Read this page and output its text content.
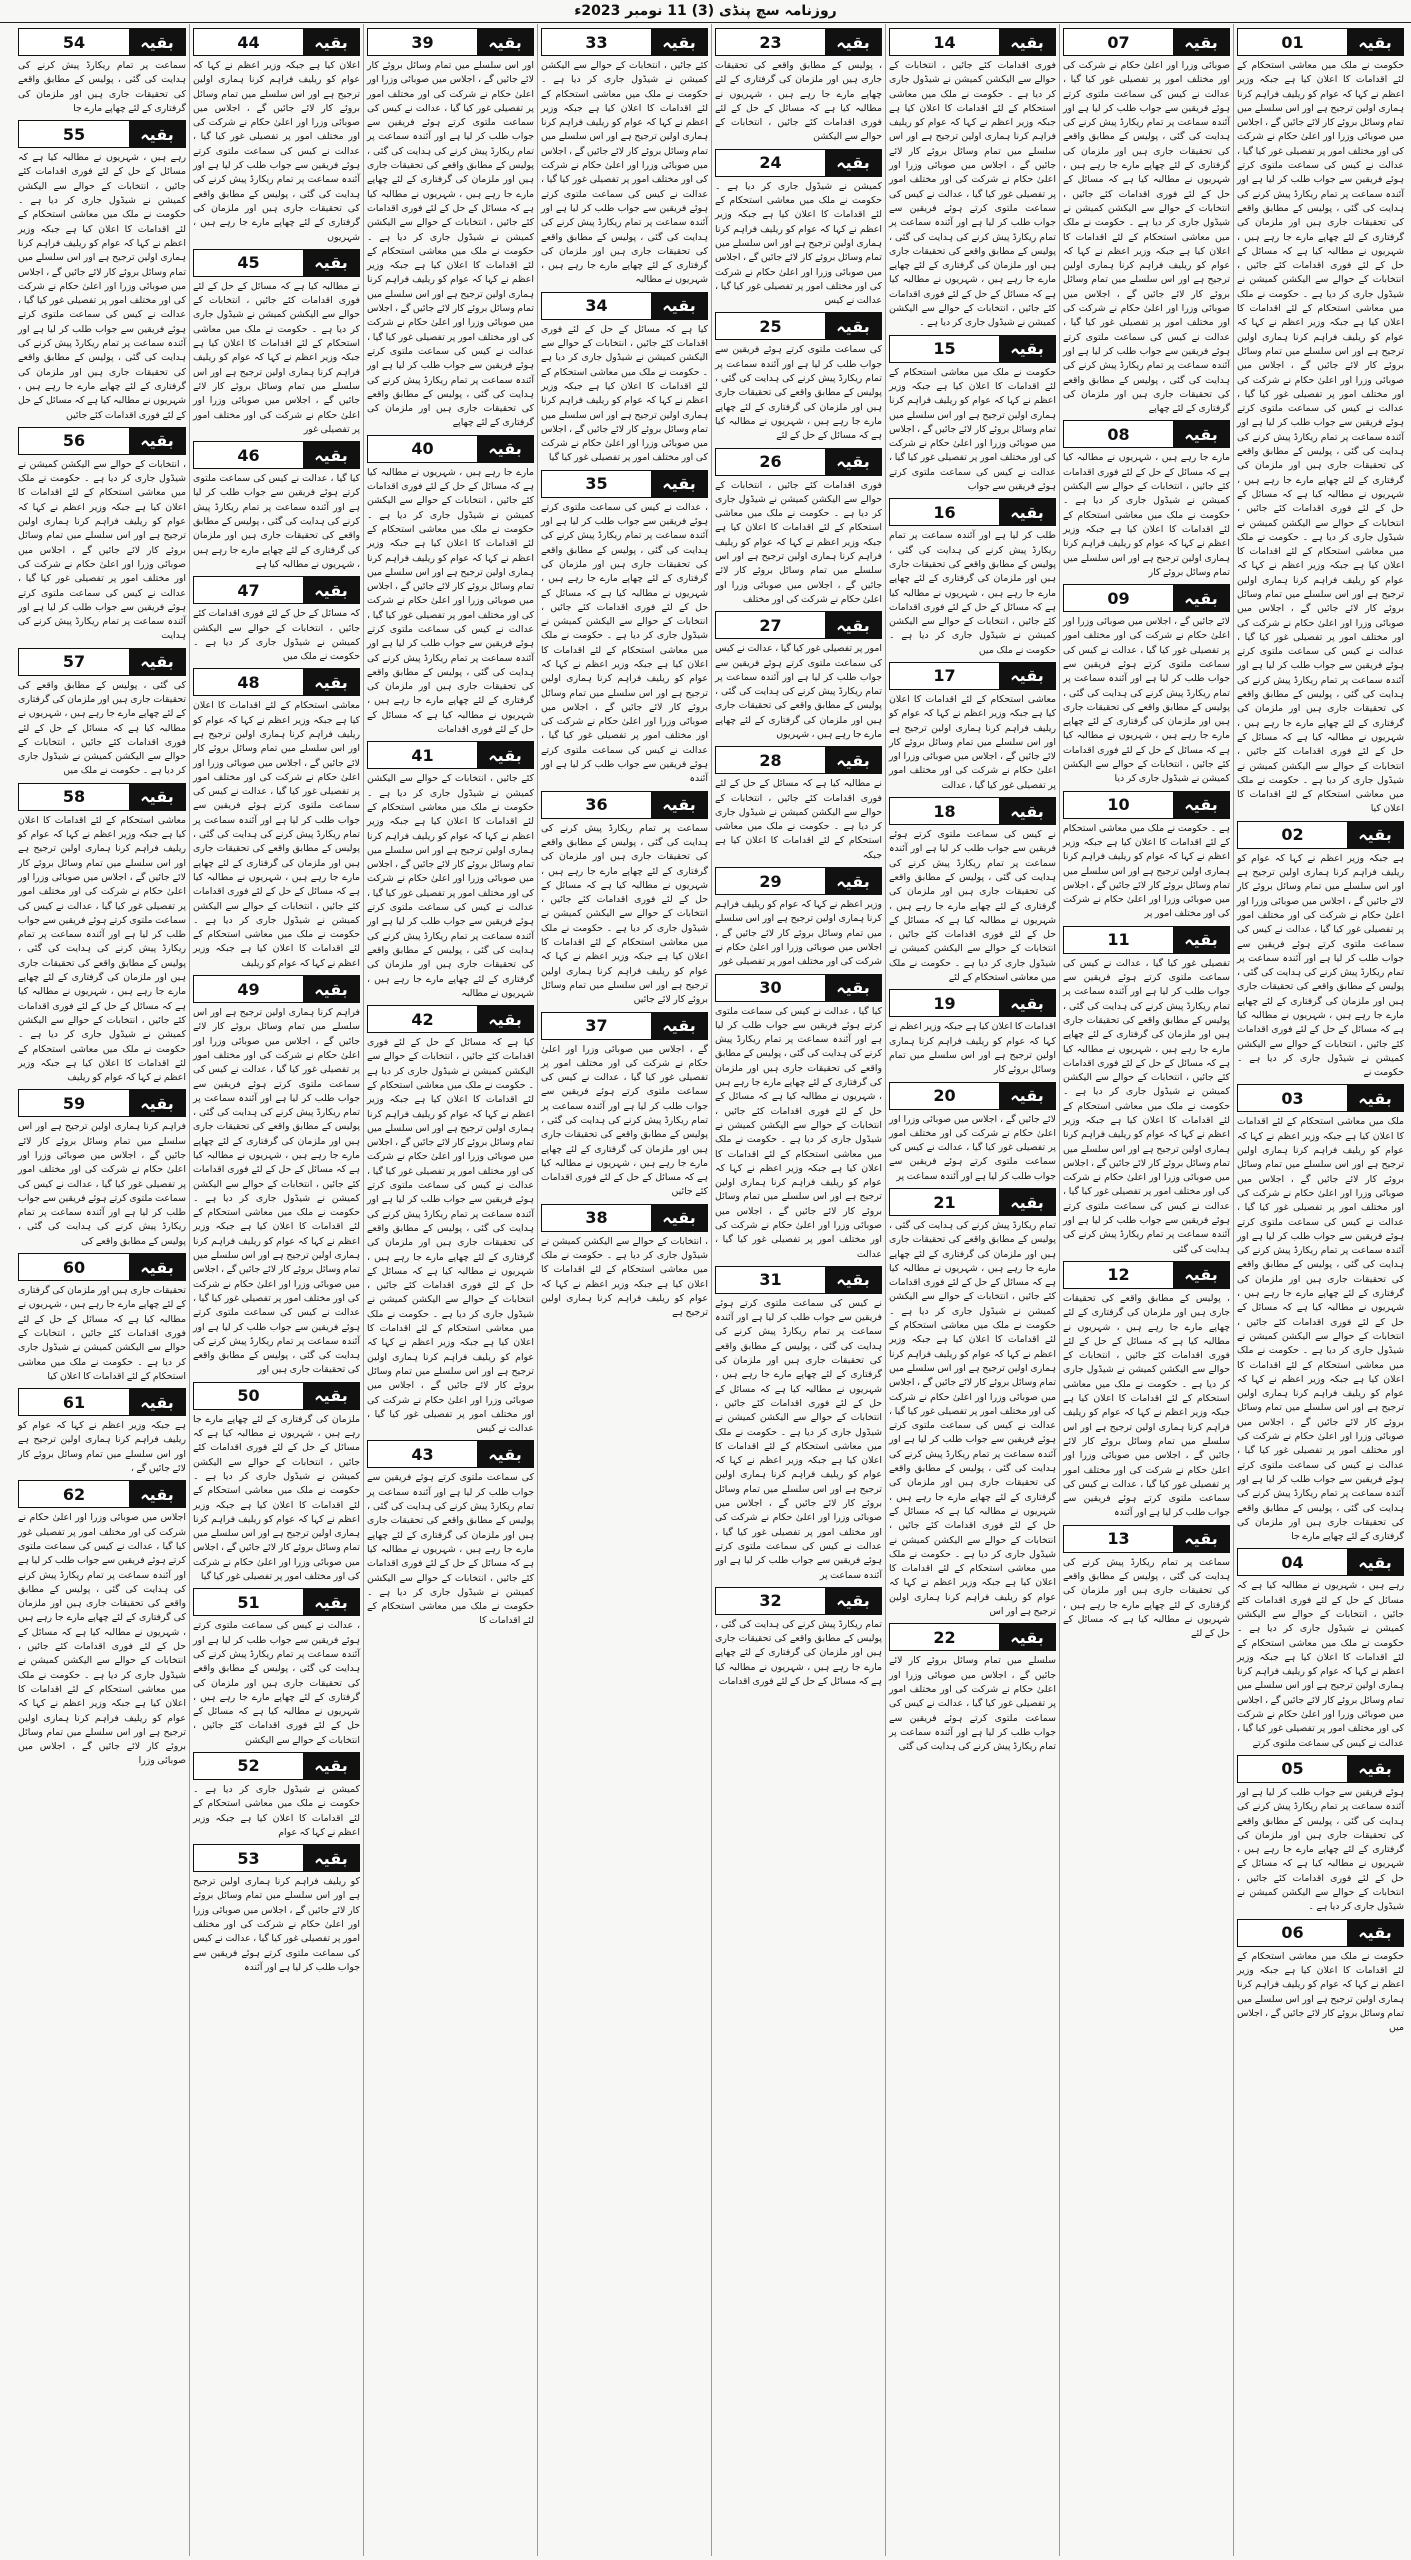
روزنامہ سچ پنڈی (3) 11 نومبر 2023ء
01	بقیہ
حکومت نے ملک میں معاشی استحکام کے لئے اقدامات کا اعلان کیا ہے جبکہ وزیر اعظم نے کہا کہ عوام کو ریلیف فراہم کرنا ہماری اولین ترجیح ہے اور اس سلسلے میں تمام وسائل بروئے کار لائے جائیں گے ، اجلاس میں صوبائی وزرا اور اعلیٰ حکام نے شرکت کی اور مختلف امور پر تفصیلی غور کیا گیا ، عدالت نے کیس کی سماعت ملتوی کرتے ہوئے فریقین سے جواب طلب کر لیا ہے اور آئندہ سماعت پر تمام ریکارڈ پیش کرنے کی ہدایت کی گئی ، پولیس کے مطابق واقعے کی تحقیقات جاری ہیں اور ملزمان کی گرفتاری کے لئے چھاپے مارے جا رہے ہیں ، شہریوں نے مطالبہ کیا ہے کہ مسائل کے حل کے لئے فوری اقدامات کئے جائیں ، انتخابات کے حوالے سے الیکشن کمیشن نے شیڈول جاری کر دیا ہے ۔ حکومت نے ملک میں معاشی استحکام کے لئے اقدامات کا اعلان کیا ہے جبکہ وزیر اعظم نے کہا کہ عوام کو ریلیف فراہم کرنا ہماری اولین ترجیح ہے اور اس سلسلے میں تمام وسائل بروئے کار لائے جائیں گے ، اجلاس میں صوبائی وزرا اور اعلیٰ حکام نے شرکت کی اور مختلف امور پر تفصیلی غور کیا گیا ، عدالت نے کیس کی سماعت ملتوی کرتے ہوئے فریقین سے جواب طلب کر لیا ہے اور آئندہ سماعت پر تمام ریکارڈ پیش کرنے کی ہدایت کی گئی ، پولیس کے مطابق واقعے کی تحقیقات جاری ہیں اور ملزمان کی گرفتاری کے لئے چھاپے مارے جا رہے ہیں ، شہریوں نے مطالبہ کیا ہے کہ مسائل کے حل کے لئے فوری اقدامات کئے جائیں ، انتخابات کے حوالے سے الیکشن کمیشن نے شیڈول جاری کر دیا ہے ۔ حکومت نے ملک میں معاشی استحکام کے لئے اقدامات کا اعلان کیا ہے جبکہ وزیر اعظم نے کہا کہ عوام کو ریلیف فراہم کرنا ہماری اولین ترجیح ہے اور اس سلسلے میں تمام وسائل بروئے کار لائے جائیں گے ، اجلاس میں صوبائی وزرا اور اعلیٰ حکام نے شرکت کی اور مختلف امور پر تفصیلی غور کیا گیا ، عدالت نے کیس کی سماعت ملتوی کرتے ہوئے فریقین سے جواب طلب کر لیا ہے اور آئندہ سماعت پر تمام ریکارڈ پیش کرنے کی ہدایت کی گئی ، پولیس کے مطابق واقعے کی تحقیقات جاری ہیں اور ملزمان کی گرفتاری کے لئے چھاپے مارے جا رہے ہیں ، شہریوں نے مطالبہ کیا ہے کہ مسائل کے حل کے لئے فوری اقدامات کئے جائیں ، انتخابات کے حوالے سے الیکشن کمیشن نے شیڈول جاری کر دیا ہے ۔ حکومت نے ملک میں معاشی استحکام کے لئے اقدامات کا اعلان کیا
02	بقیہ
ہے جبکہ وزیر اعظم نے کہا کہ عوام کو ریلیف فراہم کرنا ہماری اولین ترجیح ہے اور اس سلسلے میں تمام وسائل بروئے کار لائے جائیں گے ، اجلاس میں صوبائی وزرا اور اعلیٰ حکام نے شرکت کی اور مختلف امور پر تفصیلی غور کیا گیا ، عدالت نے کیس کی سماعت ملتوی کرتے ہوئے فریقین سے جواب طلب کر لیا ہے اور آئندہ سماعت پر تمام ریکارڈ پیش کرنے کی ہدایت کی گئی ، پولیس کے مطابق واقعے کی تحقیقات جاری ہیں اور ملزمان کی گرفتاری کے لئے چھاپے مارے جا رہے ہیں ، شہریوں نے مطالبہ کیا ہے کہ مسائل کے حل کے لئے فوری اقدامات کئے جائیں ، انتخابات کے حوالے سے الیکشن کمیشن نے شیڈول جاری کر دیا ہے ۔ حکومت نے
03	بقیہ
ملک میں معاشی استحکام کے لئے اقدامات کا اعلان کیا ہے جبکہ وزیر اعظم نے کہا کہ عوام کو ریلیف فراہم کرنا ہماری اولین ترجیح ہے اور اس سلسلے میں تمام وسائل بروئے کار لائے جائیں گے ، اجلاس میں صوبائی وزرا اور اعلیٰ حکام نے شرکت کی اور مختلف امور پر تفصیلی غور کیا گیا ، عدالت نے کیس کی سماعت ملتوی کرتے ہوئے فریقین سے جواب طلب کر لیا ہے اور آئندہ سماعت پر تمام ریکارڈ پیش کرنے کی ہدایت کی گئی ، پولیس کے مطابق واقعے کی تحقیقات جاری ہیں اور ملزمان کی گرفتاری کے لئے چھاپے مارے جا رہے ہیں ، شہریوں نے مطالبہ کیا ہے کہ مسائل کے حل کے لئے فوری اقدامات کئے جائیں ، انتخابات کے حوالے سے الیکشن کمیشن نے شیڈول جاری کر دیا ہے ۔ حکومت نے ملک میں معاشی استحکام کے لئے اقدامات کا اعلان کیا ہے جبکہ وزیر اعظم نے کہا کہ عوام کو ریلیف فراہم کرنا ہماری اولین ترجیح ہے اور اس سلسلے میں تمام وسائل بروئے کار لائے جائیں گے ، اجلاس میں صوبائی وزرا اور اعلیٰ حکام نے شرکت کی اور مختلف امور پر تفصیلی غور کیا گیا ، عدالت نے کیس کی سماعت ملتوی کرتے ہوئے فریقین سے جواب طلب کر لیا ہے اور آئندہ سماعت پر تمام ریکارڈ پیش کرنے کی ہدایت کی گئی ، پولیس کے مطابق واقعے کی تحقیقات جاری ہیں اور ملزمان کی گرفتاری کے لئے چھاپے مارے جا
04	بقیہ
رہے ہیں ، شہریوں نے مطالبہ کیا ہے کہ مسائل کے حل کے لئے فوری اقدامات کئے جائیں ، انتخابات کے حوالے سے الیکشن کمیشن نے شیڈول جاری کر دیا ہے ۔ حکومت نے ملک میں معاشی استحکام کے لئے اقدامات کا اعلان کیا ہے جبکہ وزیر اعظم نے کہا کہ عوام کو ریلیف فراہم کرنا ہماری اولین ترجیح ہے اور اس سلسلے میں تمام وسائل بروئے کار لائے جائیں گے ، اجلاس میں صوبائی وزرا اور اعلیٰ حکام نے شرکت کی اور مختلف امور پر تفصیلی غور کیا گیا ، عدالت نے کیس کی سماعت ملتوی کرتے
05	بقیہ
ہوئے فریقین سے جواب طلب کر لیا ہے اور آئندہ سماعت پر تمام ریکارڈ پیش کرنے کی ہدایت کی گئی ، پولیس کے مطابق واقعے کی تحقیقات جاری ہیں اور ملزمان کی گرفتاری کے لئے چھاپے مارے جا رہے ہیں ، شہریوں نے مطالبہ کیا ہے کہ مسائل کے حل کے لئے فوری اقدامات کئے جائیں ، انتخابات کے حوالے سے الیکشن کمیشن نے شیڈول جاری کر دیا ہے ۔
06	بقیہ
حکومت نے ملک میں معاشی استحکام کے لئے اقدامات کا اعلان کیا ہے جبکہ وزیر اعظم نے کہا کہ عوام کو ریلیف فراہم کرنا ہماری اولین ترجیح ہے اور اس سلسلے میں تمام وسائل بروئے کار لائے جائیں گے ، اجلاس میں
07	بقیہ
صوبائی وزرا اور اعلیٰ حکام نے شرکت کی اور مختلف امور پر تفصیلی غور کیا گیا ، عدالت نے کیس کی سماعت ملتوی کرتے ہوئے فریقین سے جواب طلب کر لیا ہے اور آئندہ سماعت پر تمام ریکارڈ پیش کرنے کی ہدایت کی گئی ، پولیس کے مطابق واقعے کی تحقیقات جاری ہیں اور ملزمان کی گرفتاری کے لئے چھاپے مارے جا رہے ہیں ، شہریوں نے مطالبہ کیا ہے کہ مسائل کے حل کے لئے فوری اقدامات کئے جائیں ، انتخابات کے حوالے سے الیکشن کمیشن نے شیڈول جاری کر دیا ہے ۔ حکومت نے ملک میں معاشی استحکام کے لئے اقدامات کا اعلان کیا ہے جبکہ وزیر اعظم نے کہا کہ عوام کو ریلیف فراہم کرنا ہماری اولین ترجیح ہے اور اس سلسلے میں تمام وسائل بروئے کار لائے جائیں گے ، اجلاس میں صوبائی وزرا اور اعلیٰ حکام نے شرکت کی اور مختلف امور پر تفصیلی غور کیا گیا ، عدالت نے کیس کی سماعت ملتوی کرتے ہوئے فریقین سے جواب طلب کر لیا ہے اور آئندہ سماعت پر تمام ریکارڈ پیش کرنے کی ہدایت کی گئی ، پولیس کے مطابق واقعے کی تحقیقات جاری ہیں اور ملزمان کی گرفتاری کے لئے چھاپے
08	بقیہ
مارے جا رہے ہیں ، شہریوں نے مطالبہ کیا ہے کہ مسائل کے حل کے لئے فوری اقدامات کئے جائیں ، انتخابات کے حوالے سے الیکشن کمیشن نے شیڈول جاری کر دیا ہے ۔ حکومت نے ملک میں معاشی استحکام کے لئے اقدامات کا اعلان کیا ہے جبکہ وزیر اعظم نے کہا کہ عوام کو ریلیف فراہم کرنا ہماری اولین ترجیح ہے اور اس سلسلے میں تمام وسائل بروئے کار
09	بقیہ
لائے جائیں گے ، اجلاس میں صوبائی وزرا اور اعلیٰ حکام نے شرکت کی اور مختلف امور پر تفصیلی غور کیا گیا ، عدالت نے کیس کی سماعت ملتوی کرتے ہوئے فریقین سے جواب طلب کر لیا ہے اور آئندہ سماعت پر تمام ریکارڈ پیش کرنے کی ہدایت کی گئی ، پولیس کے مطابق واقعے کی تحقیقات جاری ہیں اور ملزمان کی گرفتاری کے لئے چھاپے مارے جا رہے ہیں ، شہریوں نے مطالبہ کیا ہے کہ مسائل کے حل کے لئے فوری اقدامات کئے جائیں ، انتخابات کے حوالے سے الیکشن کمیشن نے شیڈول جاری کر دیا
10	بقیہ
ہے ۔ حکومت نے ملک میں معاشی استحکام کے لئے اقدامات کا اعلان کیا ہے جبکہ وزیر اعظم نے کہا کہ عوام کو ریلیف فراہم کرنا ہماری اولین ترجیح ہے اور اس سلسلے میں تمام وسائل بروئے کار لائے جائیں گے ، اجلاس میں صوبائی وزرا اور اعلیٰ حکام نے شرکت کی اور مختلف امور پر
11	بقیہ
تفصیلی غور کیا گیا ، عدالت نے کیس کی سماعت ملتوی کرتے ہوئے فریقین سے جواب طلب کر لیا ہے اور آئندہ سماعت پر تمام ریکارڈ پیش کرنے کی ہدایت کی گئی ، پولیس کے مطابق واقعے کی تحقیقات جاری ہیں اور ملزمان کی گرفتاری کے لئے چھاپے مارے جا رہے ہیں ، شہریوں نے مطالبہ کیا ہے کہ مسائل کے حل کے لئے فوری اقدامات کئے جائیں ، انتخابات کے حوالے سے الیکشن کمیشن نے شیڈول جاری کر دیا ہے ۔ حکومت نے ملک میں معاشی استحکام کے لئے اقدامات کا اعلان کیا ہے جبکہ وزیر اعظم نے کہا کہ عوام کو ریلیف فراہم کرنا ہماری اولین ترجیح ہے اور اس سلسلے میں تمام وسائل بروئے کار لائے جائیں گے ، اجلاس میں صوبائی وزرا اور اعلیٰ حکام نے شرکت کی اور مختلف امور پر تفصیلی غور کیا گیا ، عدالت نے کیس کی سماعت ملتوی کرتے ہوئے فریقین سے جواب طلب کر لیا ہے اور آئندہ سماعت پر تمام ریکارڈ پیش کرنے کی ہدایت کی گئی
12	بقیہ
، پولیس کے مطابق واقعے کی تحقیقات جاری ہیں اور ملزمان کی گرفتاری کے لئے چھاپے مارے جا رہے ہیں ، شہریوں نے مطالبہ کیا ہے کہ مسائل کے حل کے لئے فوری اقدامات کئے جائیں ، انتخابات کے حوالے سے الیکشن کمیشن نے شیڈول جاری کر دیا ہے ۔ حکومت نے ملک میں معاشی استحکام کے لئے اقدامات کا اعلان کیا ہے جبکہ وزیر اعظم نے کہا کہ عوام کو ریلیف فراہم کرنا ہماری اولین ترجیح ہے اور اس سلسلے میں تمام وسائل بروئے کار لائے جائیں گے ، اجلاس میں صوبائی وزرا اور اعلیٰ حکام نے شرکت کی اور مختلف امور پر تفصیلی غور کیا گیا ، عدالت نے کیس کی سماعت ملتوی کرتے ہوئے فریقین سے جواب طلب کر لیا ہے اور آئندہ
13	بقیہ
سماعت پر تمام ریکارڈ پیش کرنے کی ہدایت کی گئی ، پولیس کے مطابق واقعے کی تحقیقات جاری ہیں اور ملزمان کی گرفتاری کے لئے چھاپے مارے جا رہے ہیں ، شہریوں نے مطالبہ کیا ہے کہ مسائل کے حل کے لئے
14	بقیہ
فوری اقدامات کئے جائیں ، انتخابات کے حوالے سے الیکشن کمیشن نے شیڈول جاری کر دیا ہے ۔ حکومت نے ملک میں معاشی استحکام کے لئے اقدامات کا اعلان کیا ہے جبکہ وزیر اعظم نے کہا کہ عوام کو ریلیف فراہم کرنا ہماری اولین ترجیح ہے اور اس سلسلے میں تمام وسائل بروئے کار لائے جائیں گے ، اجلاس میں صوبائی وزرا اور اعلیٰ حکام نے شرکت کی اور مختلف امور پر تفصیلی غور کیا گیا ، عدالت نے کیس کی سماعت ملتوی کرتے ہوئے فریقین سے جواب طلب کر لیا ہے اور آئندہ سماعت پر تمام ریکارڈ پیش کرنے کی ہدایت کی گئی ، پولیس کے مطابق واقعے کی تحقیقات جاری ہیں اور ملزمان کی گرفتاری کے لئے چھاپے مارے جا رہے ہیں ، شہریوں نے مطالبہ کیا ہے کہ مسائل کے حل کے لئے فوری اقدامات کئے جائیں ، انتخابات کے حوالے سے الیکشن کمیشن نے شیڈول جاری کر دیا ہے ۔
15	بقیہ
حکومت نے ملک میں معاشی استحکام کے لئے اقدامات کا اعلان کیا ہے جبکہ وزیر اعظم نے کہا کہ عوام کو ریلیف فراہم کرنا ہماری اولین ترجیح ہے اور اس سلسلے میں تمام وسائل بروئے کار لائے جائیں گے ، اجلاس میں صوبائی وزرا اور اعلیٰ حکام نے شرکت کی اور مختلف امور پر تفصیلی غور کیا گیا ، عدالت نے کیس کی سماعت ملتوی کرتے ہوئے فریقین سے جواب
16	بقیہ
طلب کر لیا ہے اور آئندہ سماعت پر تمام ریکارڈ پیش کرنے کی ہدایت کی گئی ، پولیس کے مطابق واقعے کی تحقیقات جاری ہیں اور ملزمان کی گرفتاری کے لئے چھاپے مارے جا رہے ہیں ، شہریوں نے مطالبہ کیا ہے کہ مسائل کے حل کے لئے فوری اقدامات کئے جائیں ، انتخابات کے حوالے سے الیکشن کمیشن نے شیڈول جاری کر دیا ہے ۔ حکومت نے ملک میں
17	بقیہ
معاشی استحکام کے لئے اقدامات کا اعلان کیا ہے جبکہ وزیر اعظم نے کہا کہ عوام کو ریلیف فراہم کرنا ہماری اولین ترجیح ہے اور اس سلسلے میں تمام وسائل بروئے کار لائے جائیں گے ، اجلاس میں صوبائی وزرا اور اعلیٰ حکام نے شرکت کی اور مختلف امور پر تفصیلی غور کیا گیا ، عدالت
18	بقیہ
نے کیس کی سماعت ملتوی کرتے ہوئے فریقین سے جواب طلب کر لیا ہے اور آئندہ سماعت پر تمام ریکارڈ پیش کرنے کی ہدایت کی گئی ، پولیس کے مطابق واقعے کی تحقیقات جاری ہیں اور ملزمان کی گرفتاری کے لئے چھاپے مارے جا رہے ہیں ، شہریوں نے مطالبہ کیا ہے کہ مسائل کے حل کے لئے فوری اقدامات کئے جائیں ، انتخابات کے حوالے سے الیکشن کمیشن نے شیڈول جاری کر دیا ہے ۔ حکومت نے ملک میں معاشی استحکام کے لئے
19	بقیہ
اقدامات کا اعلان کیا ہے جبکہ وزیر اعظم نے کہا کہ عوام کو ریلیف فراہم کرنا ہماری اولین ترجیح ہے اور اس سلسلے میں تمام وسائل بروئے کار
20	بقیہ
لائے جائیں گے ، اجلاس میں صوبائی وزرا اور اعلیٰ حکام نے شرکت کی اور مختلف امور پر تفصیلی غور کیا گیا ، عدالت نے کیس کی سماعت ملتوی کرتے ہوئے فریقین سے جواب طلب کر لیا ہے اور آئندہ سماعت پر
21	بقیہ
تمام ریکارڈ پیش کرنے کی ہدایت کی گئی ، پولیس کے مطابق واقعے کی تحقیقات جاری ہیں اور ملزمان کی گرفتاری کے لئے چھاپے مارے جا رہے ہیں ، شہریوں نے مطالبہ کیا ہے کہ مسائل کے حل کے لئے فوری اقدامات کئے جائیں ، انتخابات کے حوالے سے الیکشن کمیشن نے شیڈول جاری کر دیا ہے ۔ حکومت نے ملک میں معاشی استحکام کے لئے اقدامات کا اعلان کیا ہے جبکہ وزیر اعظم نے کہا کہ عوام کو ریلیف فراہم کرنا ہماری اولین ترجیح ہے اور اس سلسلے میں تمام وسائل بروئے کار لائے جائیں گے ، اجلاس میں صوبائی وزرا اور اعلیٰ حکام نے شرکت کی اور مختلف امور پر تفصیلی غور کیا گیا ، عدالت نے کیس کی سماعت ملتوی کرتے ہوئے فریقین سے جواب طلب کر لیا ہے اور آئندہ سماعت پر تمام ریکارڈ پیش کرنے کی ہدایت کی گئی ، پولیس کے مطابق واقعے کی تحقیقات جاری ہیں اور ملزمان کی گرفتاری کے لئے چھاپے مارے جا رہے ہیں ، شہریوں نے مطالبہ کیا ہے کہ مسائل کے حل کے لئے فوری اقدامات کئے جائیں ، انتخابات کے حوالے سے الیکشن کمیشن نے شیڈول جاری کر دیا ہے ۔ حکومت نے ملک میں معاشی استحکام کے لئے اقدامات کا اعلان کیا ہے جبکہ وزیر اعظم نے کہا کہ عوام کو ریلیف فراہم کرنا ہماری اولین ترجیح ہے اور اس
22	بقیہ
سلسلے میں تمام وسائل بروئے کار لائے جائیں گے ، اجلاس میں صوبائی وزرا اور اعلیٰ حکام نے شرکت کی اور مختلف امور پر تفصیلی غور کیا گیا ، عدالت نے کیس کی سماعت ملتوی کرتے ہوئے فریقین سے جواب طلب کر لیا ہے اور آئندہ سماعت پر تمام ریکارڈ پیش کرنے کی ہدایت کی گئی
23	بقیہ
، پولیس کے مطابق واقعے کی تحقیقات جاری ہیں اور ملزمان کی گرفتاری کے لئے چھاپے مارے جا رہے ہیں ، شہریوں نے مطالبہ کیا ہے کہ مسائل کے حل کے لئے فوری اقدامات کئے جائیں ، انتخابات کے حوالے سے الیکشن
24	بقیہ
کمیشن نے شیڈول جاری کر دیا ہے ۔ حکومت نے ملک میں معاشی استحکام کے لئے اقدامات کا اعلان کیا ہے جبکہ وزیر اعظم نے کہا کہ عوام کو ریلیف فراہم کرنا ہماری اولین ترجیح ہے اور اس سلسلے میں تمام وسائل بروئے کار لائے جائیں گے ، اجلاس میں صوبائی وزرا اور اعلیٰ حکام نے شرکت کی اور مختلف امور پر تفصیلی غور کیا گیا ، عدالت نے کیس
25	بقیہ
کی سماعت ملتوی کرتے ہوئے فریقین سے جواب طلب کر لیا ہے اور آئندہ سماعت پر تمام ریکارڈ پیش کرنے کی ہدایت کی گئی ، پولیس کے مطابق واقعے کی تحقیقات جاری ہیں اور ملزمان کی گرفتاری کے لئے چھاپے مارے جا رہے ہیں ، شہریوں نے مطالبہ کیا ہے کہ مسائل کے حل کے لئے
26	بقیہ
فوری اقدامات کئے جائیں ، انتخابات کے حوالے سے الیکشن کمیشن نے شیڈول جاری کر دیا ہے ۔ حکومت نے ملک میں معاشی استحکام کے لئے اقدامات کا اعلان کیا ہے جبکہ وزیر اعظم نے کہا کہ عوام کو ریلیف فراہم کرنا ہماری اولین ترجیح ہے اور اس سلسلے میں تمام وسائل بروئے کار لائے جائیں گے ، اجلاس میں صوبائی وزرا اور اعلیٰ حکام نے شرکت کی اور مختلف
27	بقیہ
امور پر تفصیلی غور کیا گیا ، عدالت نے کیس کی سماعت ملتوی کرتے ہوئے فریقین سے جواب طلب کر لیا ہے اور آئندہ سماعت پر تمام ریکارڈ پیش کرنے کی ہدایت کی گئی ، پولیس کے مطابق واقعے کی تحقیقات جاری ہیں اور ملزمان کی گرفتاری کے لئے چھاپے مارے جا رہے ہیں ، شہریوں
28	بقیہ
نے مطالبہ کیا ہے کہ مسائل کے حل کے لئے فوری اقدامات کئے جائیں ، انتخابات کے حوالے سے الیکشن کمیشن نے شیڈول جاری کر دیا ہے ۔ حکومت نے ملک میں معاشی استحکام کے لئے اقدامات کا اعلان کیا ہے جبکہ
29	بقیہ
وزیر اعظم نے کہا کہ عوام کو ریلیف فراہم کرنا ہماری اولین ترجیح ہے اور اس سلسلے میں تمام وسائل بروئے کار لائے جائیں گے ، اجلاس میں صوبائی وزرا اور اعلیٰ حکام نے شرکت کی اور مختلف امور پر تفصیلی غور
30	بقیہ
کیا گیا ، عدالت نے کیس کی سماعت ملتوی کرتے ہوئے فریقین سے جواب طلب کر لیا ہے اور آئندہ سماعت پر تمام ریکارڈ پیش کرنے کی ہدایت کی گئی ، پولیس کے مطابق واقعے کی تحقیقات جاری ہیں اور ملزمان کی گرفتاری کے لئے چھاپے مارے جا رہے ہیں ، شہریوں نے مطالبہ کیا ہے کہ مسائل کے حل کے لئے فوری اقدامات کئے جائیں ، انتخابات کے حوالے سے الیکشن کمیشن نے شیڈول جاری کر دیا ہے ۔ حکومت نے ملک میں معاشی استحکام کے لئے اقدامات کا اعلان کیا ہے جبکہ وزیر اعظم نے کہا کہ عوام کو ریلیف فراہم کرنا ہماری اولین ترجیح ہے اور اس سلسلے میں تمام وسائل بروئے کار لائے جائیں گے ، اجلاس میں صوبائی وزرا اور اعلیٰ حکام نے شرکت کی اور مختلف امور پر تفصیلی غور کیا گیا ، عدالت
31	بقیہ
نے کیس کی سماعت ملتوی کرتے ہوئے فریقین سے جواب طلب کر لیا ہے اور آئندہ سماعت پر تمام ریکارڈ پیش کرنے کی ہدایت کی گئی ، پولیس کے مطابق واقعے کی تحقیقات جاری ہیں اور ملزمان کی گرفتاری کے لئے چھاپے مارے جا رہے ہیں ، شہریوں نے مطالبہ کیا ہے کہ مسائل کے حل کے لئے فوری اقدامات کئے جائیں ، انتخابات کے حوالے سے الیکشن کمیشن نے شیڈول جاری کر دیا ہے ۔ حکومت نے ملک میں معاشی استحکام کے لئے اقدامات کا اعلان کیا ہے جبکہ وزیر اعظم نے کہا کہ عوام کو ریلیف فراہم کرنا ہماری اولین ترجیح ہے اور اس سلسلے میں تمام وسائل بروئے کار لائے جائیں گے ، اجلاس میں صوبائی وزرا اور اعلیٰ حکام نے شرکت کی اور مختلف امور پر تفصیلی غور کیا گیا ، عدالت نے کیس کی سماعت ملتوی کرتے ہوئے فریقین سے جواب طلب کر لیا ہے اور آئندہ سماعت پر
32	بقیہ
تمام ریکارڈ پیش کرنے کی ہدایت کی گئی ، پولیس کے مطابق واقعے کی تحقیقات جاری ہیں اور ملزمان کی گرفتاری کے لئے چھاپے مارے جا رہے ہیں ، شہریوں نے مطالبہ کیا ہے کہ مسائل کے حل کے لئے فوری اقدامات
33	بقیہ
کئے جائیں ، انتخابات کے حوالے سے الیکشن کمیشن نے شیڈول جاری کر دیا ہے ۔ حکومت نے ملک میں معاشی استحکام کے لئے اقدامات کا اعلان کیا ہے جبکہ وزیر اعظم نے کہا کہ عوام کو ریلیف فراہم کرنا ہماری اولین ترجیح ہے اور اس سلسلے میں تمام وسائل بروئے کار لائے جائیں گے ، اجلاس میں صوبائی وزرا اور اعلیٰ حکام نے شرکت کی اور مختلف امور پر تفصیلی غور کیا گیا ، عدالت نے کیس کی سماعت ملتوی کرتے ہوئے فریقین سے جواب طلب کر لیا ہے اور آئندہ سماعت پر تمام ریکارڈ پیش کرنے کی ہدایت کی گئی ، پولیس کے مطابق واقعے کی تحقیقات جاری ہیں اور ملزمان کی گرفتاری کے لئے چھاپے مارے جا رہے ہیں ، شہریوں نے مطالبہ
34	بقیہ
کیا ہے کہ مسائل کے حل کے لئے فوری اقدامات کئے جائیں ، انتخابات کے حوالے سے الیکشن کمیشن نے شیڈول جاری کر دیا ہے ۔ حکومت نے ملک میں معاشی استحکام کے لئے اقدامات کا اعلان کیا ہے جبکہ وزیر اعظم نے کہا کہ عوام کو ریلیف فراہم کرنا ہماری اولین ترجیح ہے اور اس سلسلے میں تمام وسائل بروئے کار لائے جائیں گے ، اجلاس میں صوبائی وزرا اور اعلیٰ حکام نے شرکت کی اور مختلف امور پر تفصیلی غور کیا گیا
35	بقیہ
، عدالت نے کیس کی سماعت ملتوی کرتے ہوئے فریقین سے جواب طلب کر لیا ہے اور آئندہ سماعت پر تمام ریکارڈ پیش کرنے کی ہدایت کی گئی ، پولیس کے مطابق واقعے کی تحقیقات جاری ہیں اور ملزمان کی گرفتاری کے لئے چھاپے مارے جا رہے ہیں ، شہریوں نے مطالبہ کیا ہے کہ مسائل کے حل کے لئے فوری اقدامات کئے جائیں ، انتخابات کے حوالے سے الیکشن کمیشن نے شیڈول جاری کر دیا ہے ۔ حکومت نے ملک میں معاشی استحکام کے لئے اقدامات کا اعلان کیا ہے جبکہ وزیر اعظم نے کہا کہ عوام کو ریلیف فراہم کرنا ہماری اولین ترجیح ہے اور اس سلسلے میں تمام وسائل بروئے کار لائے جائیں گے ، اجلاس میں صوبائی وزرا اور اعلیٰ حکام نے شرکت کی اور مختلف امور پر تفصیلی غور کیا گیا ، عدالت نے کیس کی سماعت ملتوی کرتے ہوئے فریقین سے جواب طلب کر لیا ہے اور آئندہ
36	بقیہ
سماعت پر تمام ریکارڈ پیش کرنے کی ہدایت کی گئی ، پولیس کے مطابق واقعے کی تحقیقات جاری ہیں اور ملزمان کی گرفتاری کے لئے چھاپے مارے جا رہے ہیں ، شہریوں نے مطالبہ کیا ہے کہ مسائل کے حل کے لئے فوری اقدامات کئے جائیں ، انتخابات کے حوالے سے الیکشن کمیشن نے شیڈول جاری کر دیا ہے ۔ حکومت نے ملک میں معاشی استحکام کے لئے اقدامات کا اعلان کیا ہے جبکہ وزیر اعظم نے کہا کہ عوام کو ریلیف فراہم کرنا ہماری اولین ترجیح ہے اور اس سلسلے میں تمام وسائل بروئے کار لائے جائیں
37	بقیہ
گے ، اجلاس میں صوبائی وزرا اور اعلیٰ حکام نے شرکت کی اور مختلف امور پر تفصیلی غور کیا گیا ، عدالت نے کیس کی سماعت ملتوی کرتے ہوئے فریقین سے جواب طلب کر لیا ہے اور آئندہ سماعت پر تمام ریکارڈ پیش کرنے کی ہدایت کی گئی ، پولیس کے مطابق واقعے کی تحقیقات جاری ہیں اور ملزمان کی گرفتاری کے لئے چھاپے مارے جا رہے ہیں ، شہریوں نے مطالبہ کیا ہے کہ مسائل کے حل کے لئے فوری اقدامات کئے جائیں
38	بقیہ
، انتخابات کے حوالے سے الیکشن کمیشن نے شیڈول جاری کر دیا ہے ۔ حکومت نے ملک میں معاشی استحکام کے لئے اقدامات کا اعلان کیا ہے جبکہ وزیر اعظم نے کہا کہ عوام کو ریلیف فراہم کرنا ہماری اولین ترجیح ہے
39	بقیہ
اور اس سلسلے میں تمام وسائل بروئے کار لائے جائیں گے ، اجلاس میں صوبائی وزرا اور اعلیٰ حکام نے شرکت کی اور مختلف امور پر تفصیلی غور کیا گیا ، عدالت نے کیس کی سماعت ملتوی کرتے ہوئے فریقین سے جواب طلب کر لیا ہے اور آئندہ سماعت پر تمام ریکارڈ پیش کرنے کی ہدایت کی گئی ، پولیس کے مطابق واقعے کی تحقیقات جاری ہیں اور ملزمان کی گرفتاری کے لئے چھاپے مارے جا رہے ہیں ، شہریوں نے مطالبہ کیا ہے کہ مسائل کے حل کے لئے فوری اقدامات کئے جائیں ، انتخابات کے حوالے سے الیکشن کمیشن نے شیڈول جاری کر دیا ہے ۔ حکومت نے ملک میں معاشی استحکام کے لئے اقدامات کا اعلان کیا ہے جبکہ وزیر اعظم نے کہا کہ عوام کو ریلیف فراہم کرنا ہماری اولین ترجیح ہے اور اس سلسلے میں تمام وسائل بروئے کار لائے جائیں گے ، اجلاس میں صوبائی وزرا اور اعلیٰ حکام نے شرکت کی اور مختلف امور پر تفصیلی غور کیا گیا ، عدالت نے کیس کی سماعت ملتوی کرتے ہوئے فریقین سے جواب طلب کر لیا ہے اور آئندہ سماعت پر تمام ریکارڈ پیش کرنے کی ہدایت کی گئی ، پولیس کے مطابق واقعے کی تحقیقات جاری ہیں اور ملزمان کی گرفتاری کے لئے چھاپے
40	بقیہ
مارے جا رہے ہیں ، شہریوں نے مطالبہ کیا ہے کہ مسائل کے حل کے لئے فوری اقدامات کئے جائیں ، انتخابات کے حوالے سے الیکشن کمیشن نے شیڈول جاری کر دیا ہے ۔ حکومت نے ملک میں معاشی استحکام کے لئے اقدامات کا اعلان کیا ہے جبکہ وزیر اعظم نے کہا کہ عوام کو ریلیف فراہم کرنا ہماری اولین ترجیح ہے اور اس سلسلے میں تمام وسائل بروئے کار لائے جائیں گے ، اجلاس میں صوبائی وزرا اور اعلیٰ حکام نے شرکت کی اور مختلف امور پر تفصیلی غور کیا گیا ، عدالت نے کیس کی سماعت ملتوی کرتے ہوئے فریقین سے جواب طلب کر لیا ہے اور آئندہ سماعت پر تمام ریکارڈ پیش کرنے کی ہدایت کی گئی ، پولیس کے مطابق واقعے کی تحقیقات جاری ہیں اور ملزمان کی گرفتاری کے لئے چھاپے مارے جا رہے ہیں ، شہریوں نے مطالبہ کیا ہے کہ مسائل کے حل کے لئے فوری اقدامات
41	بقیہ
کئے جائیں ، انتخابات کے حوالے سے الیکشن کمیشن نے شیڈول جاری کر دیا ہے ۔ حکومت نے ملک میں معاشی استحکام کے لئے اقدامات کا اعلان کیا ہے جبکہ وزیر اعظم نے کہا کہ عوام کو ریلیف فراہم کرنا ہماری اولین ترجیح ہے اور اس سلسلے میں تمام وسائل بروئے کار لائے جائیں گے ، اجلاس میں صوبائی وزرا اور اعلیٰ حکام نے شرکت کی اور مختلف امور پر تفصیلی غور کیا گیا ، عدالت نے کیس کی سماعت ملتوی کرتے ہوئے فریقین سے جواب طلب کر لیا ہے اور آئندہ سماعت پر تمام ریکارڈ پیش کرنے کی ہدایت کی گئی ، پولیس کے مطابق واقعے کی تحقیقات جاری ہیں اور ملزمان کی گرفتاری کے لئے چھاپے مارے جا رہے ہیں ، شہریوں نے مطالبہ
42	بقیہ
کیا ہے کہ مسائل کے حل کے لئے فوری اقدامات کئے جائیں ، انتخابات کے حوالے سے الیکشن کمیشن نے شیڈول جاری کر دیا ہے ۔ حکومت نے ملک میں معاشی استحکام کے لئے اقدامات کا اعلان کیا ہے جبکہ وزیر اعظم نے کہا کہ عوام کو ریلیف فراہم کرنا ہماری اولین ترجیح ہے اور اس سلسلے میں تمام وسائل بروئے کار لائے جائیں گے ، اجلاس میں صوبائی وزرا اور اعلیٰ حکام نے شرکت کی اور مختلف امور پر تفصیلی غور کیا گیا ، عدالت نے کیس کی سماعت ملتوی کرتے ہوئے فریقین سے جواب طلب کر لیا ہے اور آئندہ سماعت پر تمام ریکارڈ پیش کرنے کی ہدایت کی گئی ، پولیس کے مطابق واقعے کی تحقیقات جاری ہیں اور ملزمان کی گرفتاری کے لئے چھاپے مارے جا رہے ہیں ، شہریوں نے مطالبہ کیا ہے کہ مسائل کے حل کے لئے فوری اقدامات کئے جائیں ، انتخابات کے حوالے سے الیکشن کمیشن نے شیڈول جاری کر دیا ہے ۔ حکومت نے ملک میں معاشی استحکام کے لئے اقدامات کا اعلان کیا ہے جبکہ وزیر اعظم نے کہا کہ عوام کو ریلیف فراہم کرنا ہماری اولین ترجیح ہے اور اس سلسلے میں تمام وسائل بروئے کار لائے جائیں گے ، اجلاس میں صوبائی وزرا اور اعلیٰ حکام نے شرکت کی اور مختلف امور پر تفصیلی غور کیا گیا ، عدالت نے کیس
43	بقیہ
کی سماعت ملتوی کرتے ہوئے فریقین سے جواب طلب کر لیا ہے اور آئندہ سماعت پر تمام ریکارڈ پیش کرنے کی ہدایت کی گئی ، پولیس کے مطابق واقعے کی تحقیقات جاری ہیں اور ملزمان کی گرفتاری کے لئے چھاپے مارے جا رہے ہیں ، شہریوں نے مطالبہ کیا ہے کہ مسائل کے حل کے لئے فوری اقدامات کئے جائیں ، انتخابات کے حوالے سے الیکشن کمیشن نے شیڈول جاری کر دیا ہے ۔ حکومت نے ملک میں معاشی استحکام کے لئے اقدامات کا
44	بقیہ
اعلان کیا ہے جبکہ وزیر اعظم نے کہا کہ عوام کو ریلیف فراہم کرنا ہماری اولین ترجیح ہے اور اس سلسلے میں تمام وسائل بروئے کار لائے جائیں گے ، اجلاس میں صوبائی وزرا اور اعلیٰ حکام نے شرکت کی اور مختلف امور پر تفصیلی غور کیا گیا ، عدالت نے کیس کی سماعت ملتوی کرتے ہوئے فریقین سے جواب طلب کر لیا ہے اور آئندہ سماعت پر تمام ریکارڈ پیش کرنے کی ہدایت کی گئی ، پولیس کے مطابق واقعے کی تحقیقات جاری ہیں اور ملزمان کی گرفتاری کے لئے چھاپے مارے جا رہے ہیں ، شہریوں
45	بقیہ
نے مطالبہ کیا ہے کہ مسائل کے حل کے لئے فوری اقدامات کئے جائیں ، انتخابات کے حوالے سے الیکشن کمیشن نے شیڈول جاری کر دیا ہے ۔ حکومت نے ملک میں معاشی استحکام کے لئے اقدامات کا اعلان کیا ہے جبکہ وزیر اعظم نے کہا کہ عوام کو ریلیف فراہم کرنا ہماری اولین ترجیح ہے اور اس سلسلے میں تمام وسائل بروئے کار لائے جائیں گے ، اجلاس میں صوبائی وزرا اور اعلیٰ حکام نے شرکت کی اور مختلف امور پر تفصیلی غور
46	بقیہ
کیا گیا ، عدالت نے کیس کی سماعت ملتوی کرتے ہوئے فریقین سے جواب طلب کر لیا ہے اور آئندہ سماعت پر تمام ریکارڈ پیش کرنے کی ہدایت کی گئی ، پولیس کے مطابق واقعے کی تحقیقات جاری ہیں اور ملزمان کی گرفتاری کے لئے چھاپے مارے جا رہے ہیں ، شہریوں نے مطالبہ کیا ہے
47	بقیہ
کہ مسائل کے حل کے لئے فوری اقدامات کئے جائیں ، انتخابات کے حوالے سے الیکشن کمیشن نے شیڈول جاری کر دیا ہے ۔ حکومت نے ملک میں
48	بقیہ
معاشی استحکام کے لئے اقدامات کا اعلان کیا ہے جبکہ وزیر اعظم نے کہا کہ عوام کو ریلیف فراہم کرنا ہماری اولین ترجیح ہے اور اس سلسلے میں تمام وسائل بروئے کار لائے جائیں گے ، اجلاس میں صوبائی وزرا اور اعلیٰ حکام نے شرکت کی اور مختلف امور پر تفصیلی غور کیا گیا ، عدالت نے کیس کی سماعت ملتوی کرتے ہوئے فریقین سے جواب طلب کر لیا ہے اور آئندہ سماعت پر تمام ریکارڈ پیش کرنے کی ہدایت کی گئی ، پولیس کے مطابق واقعے کی تحقیقات جاری ہیں اور ملزمان کی گرفتاری کے لئے چھاپے مارے جا رہے ہیں ، شہریوں نے مطالبہ کیا ہے کہ مسائل کے حل کے لئے فوری اقدامات کئے جائیں ، انتخابات کے حوالے سے الیکشن کمیشن نے شیڈول جاری کر دیا ہے ۔ حکومت نے ملک میں معاشی استحکام کے لئے اقدامات کا اعلان کیا ہے جبکہ وزیر اعظم نے کہا کہ عوام کو ریلیف
49	بقیہ
فراہم کرنا ہماری اولین ترجیح ہے اور اس سلسلے میں تمام وسائل بروئے کار لائے جائیں گے ، اجلاس میں صوبائی وزرا اور اعلیٰ حکام نے شرکت کی اور مختلف امور پر تفصیلی غور کیا گیا ، عدالت نے کیس کی سماعت ملتوی کرتے ہوئے فریقین سے جواب طلب کر لیا ہے اور آئندہ سماعت پر تمام ریکارڈ پیش کرنے کی ہدایت کی گئی ، پولیس کے مطابق واقعے کی تحقیقات جاری ہیں اور ملزمان کی گرفتاری کے لئے چھاپے مارے جا رہے ہیں ، شہریوں نے مطالبہ کیا ہے کہ مسائل کے حل کے لئے فوری اقدامات کئے جائیں ، انتخابات کے حوالے سے الیکشن کمیشن نے شیڈول جاری کر دیا ہے ۔ حکومت نے ملک میں معاشی استحکام کے لئے اقدامات کا اعلان کیا ہے جبکہ وزیر اعظم نے کہا کہ عوام کو ریلیف فراہم کرنا ہماری اولین ترجیح ہے اور اس سلسلے میں تمام وسائل بروئے کار لائے جائیں گے ، اجلاس میں صوبائی وزرا اور اعلیٰ حکام نے شرکت کی اور مختلف امور پر تفصیلی غور کیا گیا ، عدالت نے کیس کی سماعت ملتوی کرتے ہوئے فریقین سے جواب طلب کر لیا ہے اور آئندہ سماعت پر تمام ریکارڈ پیش کرنے کی ہدایت کی گئی ، پولیس کے مطابق واقعے کی تحقیقات جاری ہیں اور
50	بقیہ
ملزمان کی گرفتاری کے لئے چھاپے مارے جا رہے ہیں ، شہریوں نے مطالبہ کیا ہے کہ مسائل کے حل کے لئے فوری اقدامات کئے جائیں ، انتخابات کے حوالے سے الیکشن کمیشن نے شیڈول جاری کر دیا ہے ۔ حکومت نے ملک میں معاشی استحکام کے لئے اقدامات کا اعلان کیا ہے جبکہ وزیر اعظم نے کہا کہ عوام کو ریلیف فراہم کرنا ہماری اولین ترجیح ہے اور اس سلسلے میں تمام وسائل بروئے کار لائے جائیں گے ، اجلاس میں صوبائی وزرا اور اعلیٰ حکام نے شرکت کی اور مختلف امور پر تفصیلی غور کیا گیا
51	بقیہ
، عدالت نے کیس کی سماعت ملتوی کرتے ہوئے فریقین سے جواب طلب کر لیا ہے اور آئندہ سماعت پر تمام ریکارڈ پیش کرنے کی ہدایت کی گئی ، پولیس کے مطابق واقعے کی تحقیقات جاری ہیں اور ملزمان کی گرفتاری کے لئے چھاپے مارے جا رہے ہیں ، شہریوں نے مطالبہ کیا ہے کہ مسائل کے حل کے لئے فوری اقدامات کئے جائیں ، انتخابات کے حوالے سے الیکشن
52	بقیہ
کمیشن نے شیڈول جاری کر دیا ہے ۔ حکومت نے ملک میں معاشی استحکام کے لئے اقدامات کا اعلان کیا ہے جبکہ وزیر اعظم نے کہا کہ عوام
53	بقیہ
کو ریلیف فراہم کرنا ہماری اولین ترجیح ہے اور اس سلسلے میں تمام وسائل بروئے کار لائے جائیں گے ، اجلاس میں صوبائی وزرا اور اعلیٰ حکام نے شرکت کی اور مختلف امور پر تفصیلی غور کیا گیا ، عدالت نے کیس کی سماعت ملتوی کرتے ہوئے فریقین سے جواب طلب کر لیا ہے اور آئندہ
54	بقیہ
سماعت پر تمام ریکارڈ پیش کرنے کی ہدایت کی گئی ، پولیس کے مطابق واقعے کی تحقیقات جاری ہیں اور ملزمان کی گرفتاری کے لئے چھاپے مارے جا
55	بقیہ
رہے ہیں ، شہریوں نے مطالبہ کیا ہے کہ مسائل کے حل کے لئے فوری اقدامات کئے جائیں ، انتخابات کے حوالے سے الیکشن کمیشن نے شیڈول جاری کر دیا ہے ۔ حکومت نے ملک میں معاشی استحکام کے لئے اقدامات کا اعلان کیا ہے جبکہ وزیر اعظم نے کہا کہ عوام کو ریلیف فراہم کرنا ہماری اولین ترجیح ہے اور اس سلسلے میں تمام وسائل بروئے کار لائے جائیں گے ، اجلاس میں صوبائی وزرا اور اعلیٰ حکام نے شرکت کی اور مختلف امور پر تفصیلی غور کیا گیا ، عدالت نے کیس کی سماعت ملتوی کرتے ہوئے فریقین سے جواب طلب کر لیا ہے اور آئندہ سماعت پر تمام ریکارڈ پیش کرنے کی ہدایت کی گئی ، پولیس کے مطابق واقعے کی تحقیقات جاری ہیں اور ملزمان کی گرفتاری کے لئے چھاپے مارے جا رہے ہیں ، شہریوں نے مطالبہ کیا ہے کہ مسائل کے حل کے لئے فوری اقدامات کئے جائیں
56	بقیہ
، انتخابات کے حوالے سے الیکشن کمیشن نے شیڈول جاری کر دیا ہے ۔ حکومت نے ملک میں معاشی استحکام کے لئے اقدامات کا اعلان کیا ہے جبکہ وزیر اعظم نے کہا کہ عوام کو ریلیف فراہم کرنا ہماری اولین ترجیح ہے اور اس سلسلے میں تمام وسائل بروئے کار لائے جائیں گے ، اجلاس میں صوبائی وزرا اور اعلیٰ حکام نے شرکت کی اور مختلف امور پر تفصیلی غور کیا گیا ، عدالت نے کیس کی سماعت ملتوی کرتے ہوئے فریقین سے جواب طلب کر لیا ہے اور آئندہ سماعت پر تمام ریکارڈ پیش کرنے کی ہدایت
57	بقیہ
کی گئی ، پولیس کے مطابق واقعے کی تحقیقات جاری ہیں اور ملزمان کی گرفتاری کے لئے چھاپے مارے جا رہے ہیں ، شہریوں نے مطالبہ کیا ہے کہ مسائل کے حل کے لئے فوری اقدامات کئے جائیں ، انتخابات کے حوالے سے الیکشن کمیشن نے شیڈول جاری کر دیا ہے ۔ حکومت نے ملک میں
58	بقیہ
معاشی استحکام کے لئے اقدامات کا اعلان کیا ہے جبکہ وزیر اعظم نے کہا کہ عوام کو ریلیف فراہم کرنا ہماری اولین ترجیح ہے اور اس سلسلے میں تمام وسائل بروئے کار لائے جائیں گے ، اجلاس میں صوبائی وزرا اور اعلیٰ حکام نے شرکت کی اور مختلف امور پر تفصیلی غور کیا گیا ، عدالت نے کیس کی سماعت ملتوی کرتے ہوئے فریقین سے جواب طلب کر لیا ہے اور آئندہ سماعت پر تمام ریکارڈ پیش کرنے کی ہدایت کی گئی ، پولیس کے مطابق واقعے کی تحقیقات جاری ہیں اور ملزمان کی گرفتاری کے لئے چھاپے مارے جا رہے ہیں ، شہریوں نے مطالبہ کیا ہے کہ مسائل کے حل کے لئے فوری اقدامات کئے جائیں ، انتخابات کے حوالے سے الیکشن کمیشن نے شیڈول جاری کر دیا ہے ۔ حکومت نے ملک میں معاشی استحکام کے لئے اقدامات کا اعلان کیا ہے جبکہ وزیر اعظم نے کہا کہ عوام کو ریلیف
59	بقیہ
فراہم کرنا ہماری اولین ترجیح ہے اور اس سلسلے میں تمام وسائل بروئے کار لائے جائیں گے ، اجلاس میں صوبائی وزرا اور اعلیٰ حکام نے شرکت کی اور مختلف امور پر تفصیلی غور کیا گیا ، عدالت نے کیس کی سماعت ملتوی کرتے ہوئے فریقین سے جواب طلب کر لیا ہے اور آئندہ سماعت پر تمام ریکارڈ پیش کرنے کی ہدایت کی گئی ، پولیس کے مطابق واقعے کی
60	بقیہ
تحقیقات جاری ہیں اور ملزمان کی گرفتاری کے لئے چھاپے مارے جا رہے ہیں ، شہریوں نے مطالبہ کیا ہے کہ مسائل کے حل کے لئے فوری اقدامات کئے جائیں ، انتخابات کے حوالے سے الیکشن کمیشن نے شیڈول جاری کر دیا ہے ۔ حکومت نے ملک میں معاشی استحکام کے لئے اقدامات کا اعلان کیا
61	بقیہ
ہے جبکہ وزیر اعظم نے کہا کہ عوام کو ریلیف فراہم کرنا ہماری اولین ترجیح ہے اور اس سلسلے میں تمام وسائل بروئے کار لائے جائیں گے ،
62	بقیہ
اجلاس میں صوبائی وزرا اور اعلیٰ حکام نے شرکت کی اور مختلف امور پر تفصیلی غور کیا گیا ، عدالت نے کیس کی سماعت ملتوی کرتے ہوئے فریقین سے جواب طلب کر لیا ہے اور آئندہ سماعت پر تمام ریکارڈ پیش کرنے کی ہدایت کی گئی ، پولیس کے مطابق واقعے کی تحقیقات جاری ہیں اور ملزمان کی گرفتاری کے لئے چھاپے مارے جا رہے ہیں ، شہریوں نے مطالبہ کیا ہے کہ مسائل کے حل کے لئے فوری اقدامات کئے جائیں ، انتخابات کے حوالے سے الیکشن کمیشن نے شیڈول جاری کر دیا ہے ۔ حکومت نے ملک میں معاشی استحکام کے لئے اقدامات کا اعلان کیا ہے جبکہ وزیر اعظم نے کہا کہ عوام کو ریلیف فراہم کرنا ہماری اولین ترجیح ہے اور اس سلسلے میں تمام وسائل بروئے کار لائے جائیں گے ، اجلاس میں صوبائی وزرا
